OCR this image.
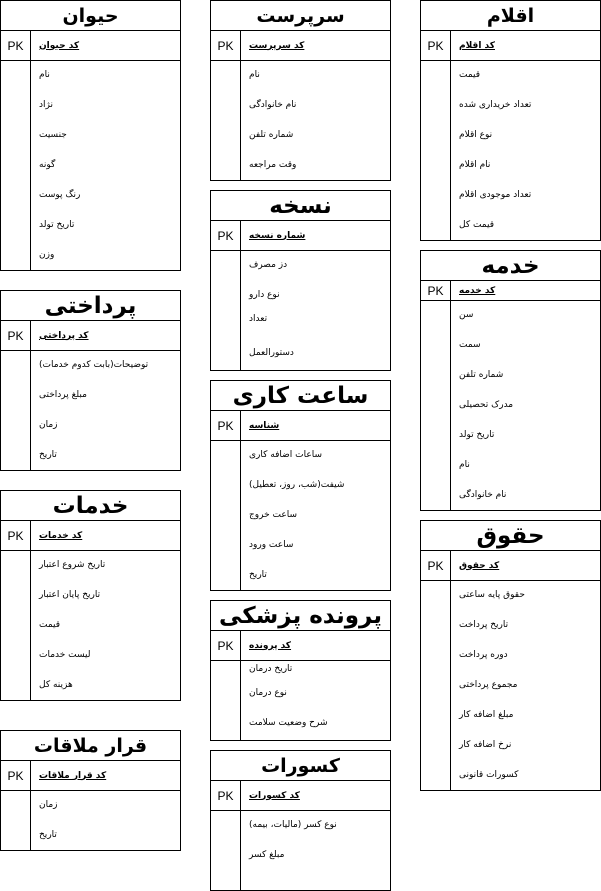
حیوان
PK	کد حیوان
نام
نژاد
جنسیت
گونه
رنگ پوست
تاریخ تولد
وزن
سرپرست
PK	کد سرپرست
نام
نام خانوادگی
شماره تلفن
وقت مراجعه
اقلام
PK	کد اقلام
قیمت
تعداد خریداری شده
نوع اقلام
نام اقلام
تعداد موجودی اقلام
قیمت کل
نسخه
PK	شماره نسخه
دز مصرف
نوع دارو
تعداد
دستورالعمل
خدمه
PK	کد خدمه
سن
سمت
شماره تلفن
مدرک تحصیلی
تاریخ تولد
نام
نام خانوادگی
پرداختی
PK	کد پرداختی
توضیحات(بابت کدوم خدمات)
مبلغ پرداختی
زمان
تاریخ
ساعت کاری
PK	شناسه
ساعات اضافه کاری
شیفت(شب، روز، تعطیل)
ساعت خروج
ساعت ورود
تاریخ
خدمات
PK	کد خدمات
تاریخ شروع اعتبار
تاریخ پایان اعتبار
قیمت
لیست خدمات
هزینه کل
حقوق
PK	کد حقوق
حقوق پایه ساعتی
تاریخ پرداخت
دوره پرداخت
مجموع پرداختی
مبلغ اضافه کار
نرخ اضافه کار
کسورات قانونی
پرونده پزشکی
PK	کد پرونده
تاریخ درمان
نوع درمان
شرح وضعیت سلامت
قرار ملاقات
PK	کد قرار ملاقات
زمان
تاریخ
کسورات
PK	کد کسورات
نوع کسر (مالیات، بیمه)
مبلغ کسر
